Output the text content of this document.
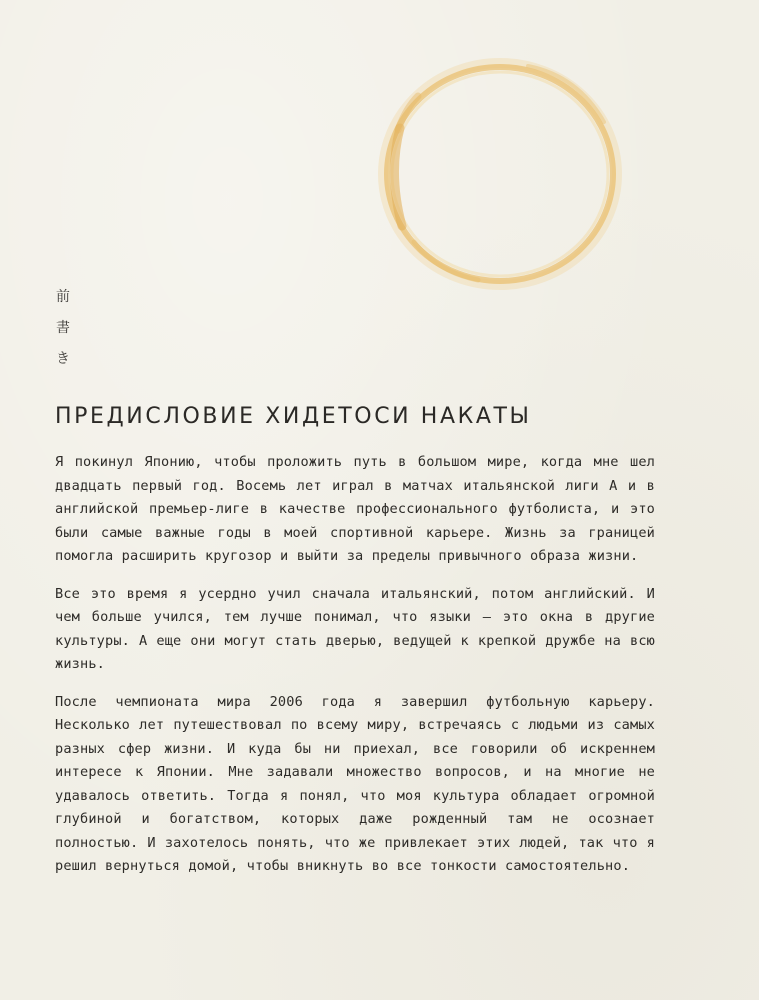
前
書
き
ПРЕДИСЛОВИЕ ХИДЕТОСИ НАКАТЫ

Я покинул Японию, чтобы проложить путь в большом мире, когда мне шел двадцать первый год. Восемь лет играл в матчах итальянской лиги А и в английской премьер-лиге в качестве профессионального футболиста, и это были самые важные годы в моей спортивной карьере. Жизнь за границей помогла расширить кругозор и выйти за пределы привычного образа жизни.

Все это время я усердно учил сначала итальянский, потом английский. И чем больше учился, тем лучше понимал, что языки — это окна в другие культуры. А еще они могут стать дверью, ведущей к крепкой дружбе на всю жизнь.

После чемпионата мира 2006 года я завершил футбольную карьеру. Несколько лет путешествовал по всему миру, встречаясь с людьми из самых разных сфер жизни. И куда бы ни приехал, все говорили об искреннем интересе к Японии. Мне задавали множество вопросов, и на многие не удавалось ответить. Тогда я понял, что моя культура обладает огромной глубиной и богатством, которых даже рожденный там не осознает полностью. И захотелось понять, что же привлекает этих людей, так что я решил вернуться домой, чтобы вникнуть во все тонкости самостоятельно.
